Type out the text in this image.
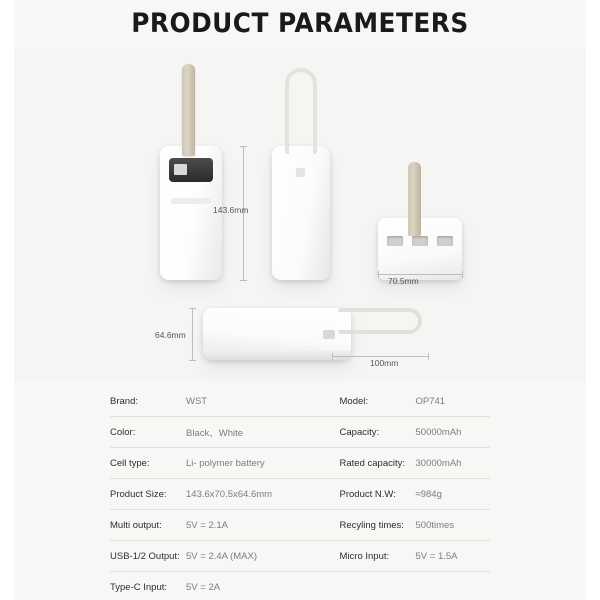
PRODUCT PARAMETERS
143.6mm
70.5mm
64.6mm
100mm
Brand:	WST		Model:	OP741
Color:	Black、White		Capacity:	50000mAh
Cell type:	Li- polymer battery		Rated capacity:	30000mAh
Product Size:	143.6x70.5x64.6mm		Product N.W:	≈984g
Multi output:	5V = 2.1A		Recyling times:	500times
USB-1/2 Output:	5V = 2.4A (MAX)		Micro Input:	5V = 1.5A
Type-C Input:	5V = 2A			
